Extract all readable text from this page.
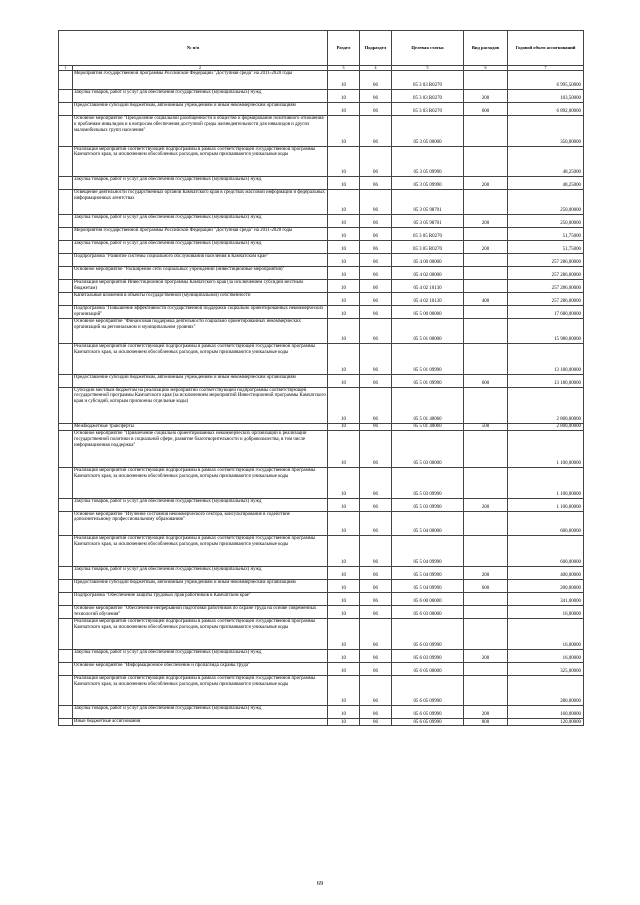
№ п/п		Раздел	Подраздел	Целевая статья	Вид расходов	Годовой объем ассигнований
1	2	3	4	5	6	7
	Мероприятия государственной программы Российской Федерации "Доступная среда" на 2011-2020 годы	10	06	05 3 03 R0270		6 995,50000
	Закупка товаров, работ и услуг для обеспечения государственных (муниципальных) нужд	10	06	05 3 03 R0270	200	103,50000
	Предоставление субсидий бюджетным, автономным учреждениям и иным некоммерческим организациям	10	06	05 3 03 R0270	600	6 892,00000
	Основное мероприятие "Преодоление социальной разобщенности в обществе и формирование позитивного отношения к проблемам инвалидов и к вопросам обеспечения доступной среды жизнедеятельности для инвалидов и других маломобильных групп населения"	10	06	05 3 05 00000		350,00000
	Реализация мероприятий соответствующей подпрограммы в рамках соответствующей государственной программы Камчатского края, за исключением обособленных расходов, которым присваиваются уникальные коды	10	06	05 3 05 09990		48,25000
	Закупка товаров, работ и услуг для обеспечения государственных (муниципальных) нужд	10	06	05 3 05 09990	200	48,25000
	Освещение деятельности государственных органов Камчатского края в средствах массовой информации и федеральных информационных агентствах	10	06	05 3 05 98701		250,00000
	Закупка товаров, работ и услуг для обеспечения государственных (муниципальных) нужд	10	06	05 3 05 98701	200	250,00000
	Мероприятия государственной программы Российской Федерации "Доступная среда" на 2011-2020 годы	10	06	05 3 05 R0270		51,75000
	Закупка товаров, работ и услуг для обеспечения государственных (муниципальных) нужд	10	06	05 3 05 R0270	200	51,75000
	Подпрограмма "Развитие системы социального обслуживания населения в Камчатском крае"	10	06	05 4 00 00000		257 286,00000
	Основное мероприятие "Расширение сети социальных учреждений (инвестиционные мероприятия)"	10	06	05 4 02 00000		257 286,00000
	Реализация мероприятий Инвестиционной программы Камчатского края (за исключением субсидий местным бюджетам)	10	06	05 4 02 10130		257 286,00000
	Капитальные вложения в объекты государственной (муниципальной) собственности	10	06	05 4 02 10130	400	257 286,00000
	Подпрограмма "Повышение эффективности государственной поддержки социально ориентированных некоммерческих организаций"	10	06	05 5 00 00000		17 680,00000
	Основное мероприятие "Финансовая поддержка деятельности социально ориентированных некоммерческих организаций на региональном и муниципальном уровнях"	10	06	05 5 01 00000		15 980,00000
	Реализация мероприятий соответствующей подпрограммы в рамках соответствующей государственной программы Камчатского края, за исключением обособленных расходов, которым присваиваются уникальные коды	10	06	05 5 01 09990		13 180,00000
	Предоставление субсидий бюджетным, автономным учреждениям и иным некоммерческим организациям	10	06	05 5 01 09990	600	13 180,00000
	Субсидии местным бюджетам на реализацию мероприятий соответствующей подпрограммы соответствующей государственной программы Камчатского края (за исключением мероприятий Инвестиционной программы Камчатского края и субсидий, которым присвоены отдельные коды)	10	06	05 5 01 40060		2 800,00000
	Межбюджетные трансферты	10	06	05 5 01 40060	500	2 800,00000
	Основное мероприятие "Привлечение социально ориентированных некоммерческих организаций к реализации государственной политики в социальной сфере, развитие благотворительности и добровольчества, в том числе информационная поддержка"	10	06	05 5 03 00000		1 100,00000
	Реализация мероприятий соответствующей подпрограммы в рамках соответствующей государственной программы Камчатского края, за исключением обособленных расходов, которым присваиваются уникальные коды	10	06	05 5 03 09990		1 100,00000
	Закупка товаров, работ и услуг для обеспечения государственных (муниципальных) нужд	10	06	05 5 03 09990	200	1 100,00000
	Основное мероприятие "Изучение состояния некоммерческого сектора, консультирование в содействие дополнительному профессиональному образованию"	10	06	05 5 04 00000		600,00000
	Реализация мероприятий соответствующей подпрограммы в рамках соответствующей государственной программы Камчатского края, за исключением обособленных расходов, которым присваиваются уникальные коды	10	06	05 5 04 09990		600,00000
	Закупка товаров, работ и услуг для обеспечения государственных (муниципальных) нужд	10	06	05 5 04 09990	200	400,00000
	Предоставление субсидий бюджетным, автономным учреждениям и иным некоммерческим организациям	10	06	05 5 04 09990	600	200,00000
	Подпрограмма "Обеспечение защиты трудовых прав работников в Камчатском крае"	10	06	05 6 00 00000		341,00000
	Основное мероприятие "Обеспечение непрерывной подготовки работников по охране труда на основе современных технологий обучения"	10	06	05 6 03 00000		16,00000
	Реализация мероприятий соответствующей подпрограммы в рамках соответствующей государственной программы Камчатского края, за исключением обособленных расходов, которым присваиваются уникальные коды	10	06	05 6 03 09990		16,00000
	Закупка товаров, работ и услуг для обеспечения государственных (муниципальных) нужд	10	06	05 6 03 09990	200	16,00000
	Основное мероприятие "Информационное обеспечение и пропаганда охраны труда"	10	06	05 6 05 00000		325,00000
	Реализация мероприятий соответствующей подпрограммы в рамках соответствующей государственной программы Камчатского края, за исключением обособленных расходов, которым присваиваются уникальные коды	10	06	05 6 05 09990		280,00000
	Закупка товаров, работ и услуг для обеспечения государственных (муниципальных) нужд	10	06	05 6 05 09990	200	160,00000
	Иные бюджетные ассигнования	10	06	05 6 05 09990	800	120,00000
69
